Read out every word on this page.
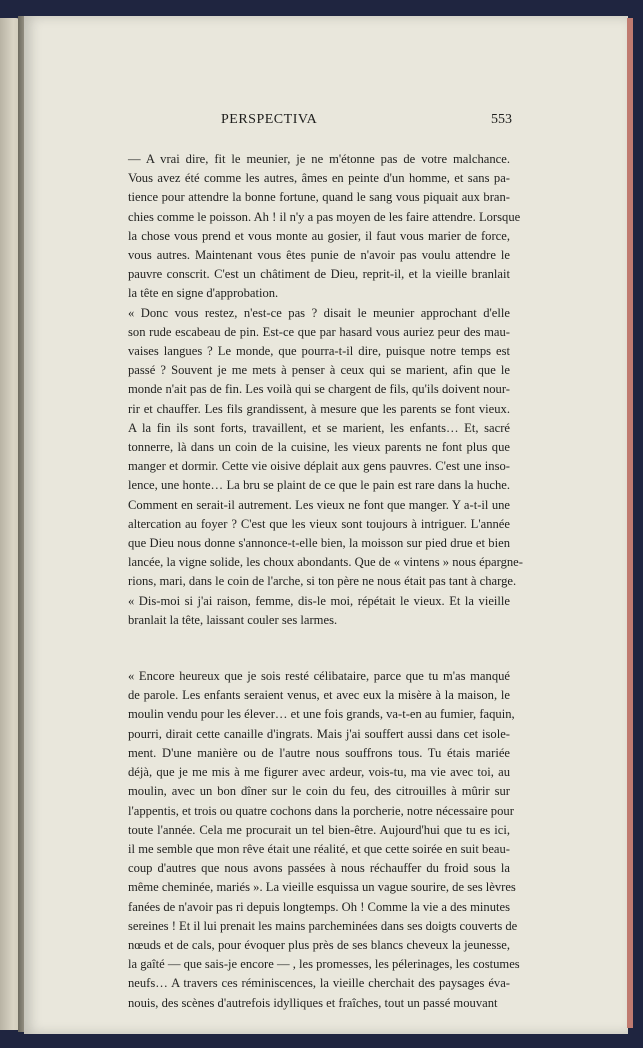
PERSPECTIVA	553

— A vrai dire, fit le meunier, je ne m'étonne pas de votre malchance.
Vous avez été comme les autres, âmes en peinte d'un homme, et sans pa-
tience pour attendre la bonne fortune, quand le sang vous piquait aux bran-
chies comme le poisson. Ah ! il n'y a pas moyen de les faire attendre. Lorsque
la chose vous prend et vous monte au gosier, il faut vous marier de force,
vous autres. Maintenant vous êtes punie de n'avoir pas voulu attendre le
pauvre conscrit. C'est un châtiment de Dieu, reprit-il, et la vieille branlait
la tête en signe d'approbation.

« Donc vous restez, n'est-ce pas ? disait le meunier approchant d'elle
son rude escabeau de pin. Est-ce que par hasard vous auriez peur des mau-
vaises langues ? Le monde, que pourra-t-il dire, puisque notre temps est
passé ? Souvent je me mets à penser à ceux qui se marient, afin que le
monde n'ait pas de fin. Les voilà qui se chargent de fils, qu'ils doivent nour-
rir et chauffer. Les fils grandissent, à mesure que les parents se font vieux.
A la fin ils sont forts, travaillent, et se marient, les enfants… Et, sacré
tonnerre, là dans un coin de la cuisine, les vieux parents ne font plus que
manger et dormir. Cette vie oisive déplait aux gens pauvres. C'est une inso-
lence, une honte… La bru se plaint de ce que le pain est rare dans la huche.
Comment en serait-il autrement. Les vieux ne font que manger. Y a-t-il une
altercation au foyer ? C'est que les vieux sont toujours à intriguer. L'année
que Dieu nous donne s'annonce-t-elle bien, la moisson sur pied drue et bien
lancée, la vigne solide, les choux abondants. Que de « vintens » nous épargne-
rions, mari, dans le coin de l'arche, si ton père ne nous était pas tant à charge.

« Dis-moi si j'ai raison, femme, dis-le moi, répétait le vieux. Et la vieille
branlait la tête, laissant couler ses larmes.

« Encore heureux que je sois resté célibataire, parce que tu m'as manqué
de parole. Les enfants seraient venus, et avec eux la misère à la maison, le
moulin vendu pour les élever… et une fois grands, va-t-en au fumier, faquin,
pourri, dirait cette canaille d'ingrats. Mais j'ai souffert aussi dans cet isole-
ment. D'une manière ou de l'autre nous souffrons tous. Tu étais mariée
déjà, que je me mis à me figurer avec ardeur, vois-tu, ma vie avec toi, au
moulin, avec un bon dîner sur le coin du feu, des citrouilles à mûrir sur
l'appentis, et trois ou quatre cochons dans la porcherie, notre nécessaire pour
toute l'année. Cela me procurait un tel bien-être. Aujourd'hui que tu es ici,
il me semble que mon rêve était une réalité, et que cette soirée en suit beau-
coup d'autres que nous avons passées à nous réchauffer du froid sous la
même cheminée, mariés ». La vieille esquissa un vague sourire, de ses lèvres
fanées de n'avoir pas ri depuis longtemps. Oh ! Comme la vie a des minutes
sereines ! Et il lui prenait les mains parcheminées dans ses doigts couverts de
nœuds et de cals, pour évoquer plus près de ses blancs cheveux la jeunesse,
la gaîté — que sais-je encore — , les promesses, les pélerinages, les costumes
neufs… A travers ces réminiscences, la vieille cherchait des paysages éva-
nouis, des scènes d'autrefois idylliques et fraîches, tout un passé mouvant
